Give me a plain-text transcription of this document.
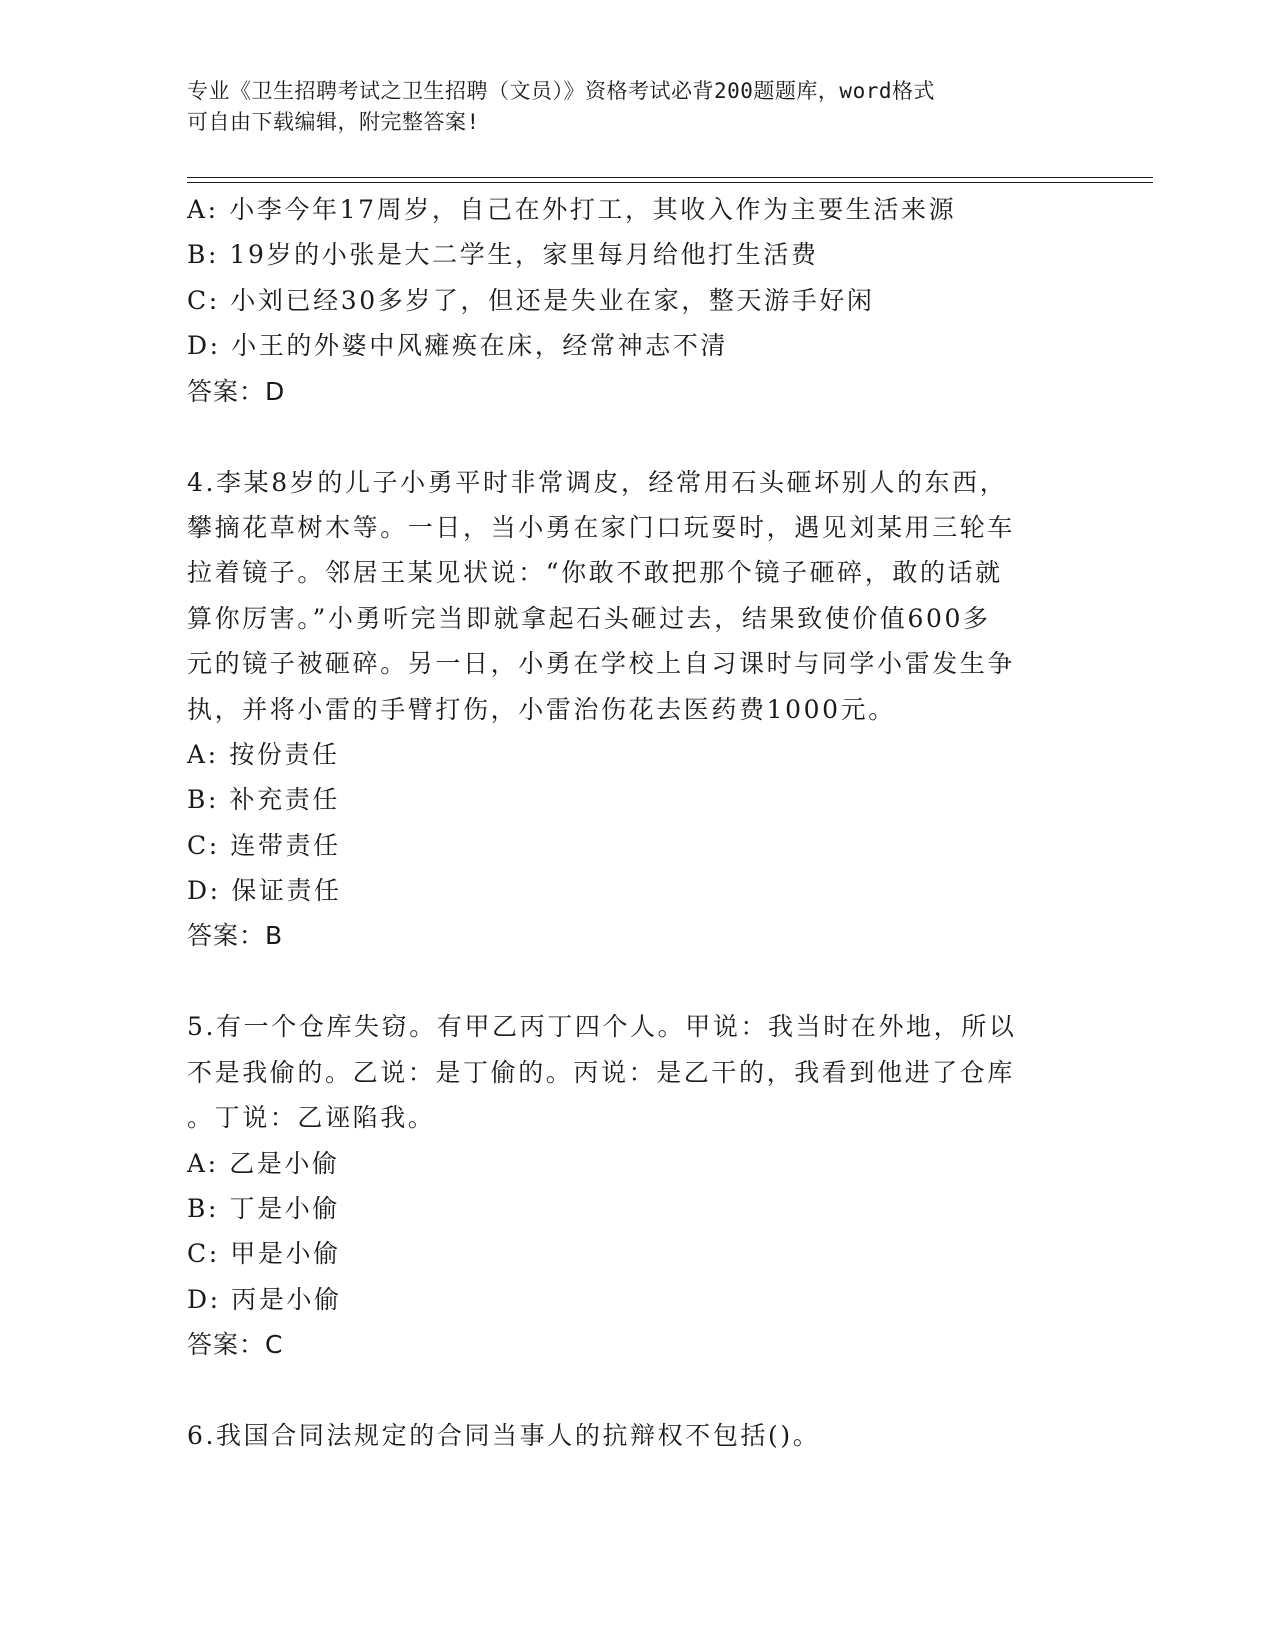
专业《卫生招聘考试之卫生招聘（文员）》资格考试必背200题题库，word格式
可自由下载编辑，附完整答案!
A: 小李今年17周岁，自己在外打工，其收入作为主要生活来源
B: 19岁的小张是大二学生，家里每月给他打生活费
C: 小刘已经30多岁了，但还是失业在家，整天游手好闲
D: 小王的外婆中风瘫痪在床，经常神志不清
答案：D
4.李某8岁的儿子小勇平时非常调皮，经常用石头砸坏别人的东西，
攀摘花草树木等。一日，当小勇在家门口玩耍时，遇见刘某用三轮车
拉着镜子。邻居王某见状说：“你敢不敢把那个镜子砸碎，敢的话就
算你厉害。”小勇听完当即就拿起石头砸过去，结果致使价值600多
元的镜子被砸碎。另一日，小勇在学校上自习课时与同学小雷发生争
执，并将小雷的手臂打伤，小雷治伤花去医药费1000元。
A: 按份责任
B: 补充责任
C: 连带责任
D: 保证责任
答案：B
5.有一个仓库失窃。有甲乙丙丁四个人。甲说：我当时在外地，所以
不是我偷的。乙说：是丁偷的。丙说：是乙干的，我看到他进了仓库
。丁说：乙诬陷我。
A: 乙是小偷
B: 丁是小偷
C: 甲是小偷
D: 丙是小偷
答案：C
6.我国合同法规定的合同当事人的抗辩权不包括()。
